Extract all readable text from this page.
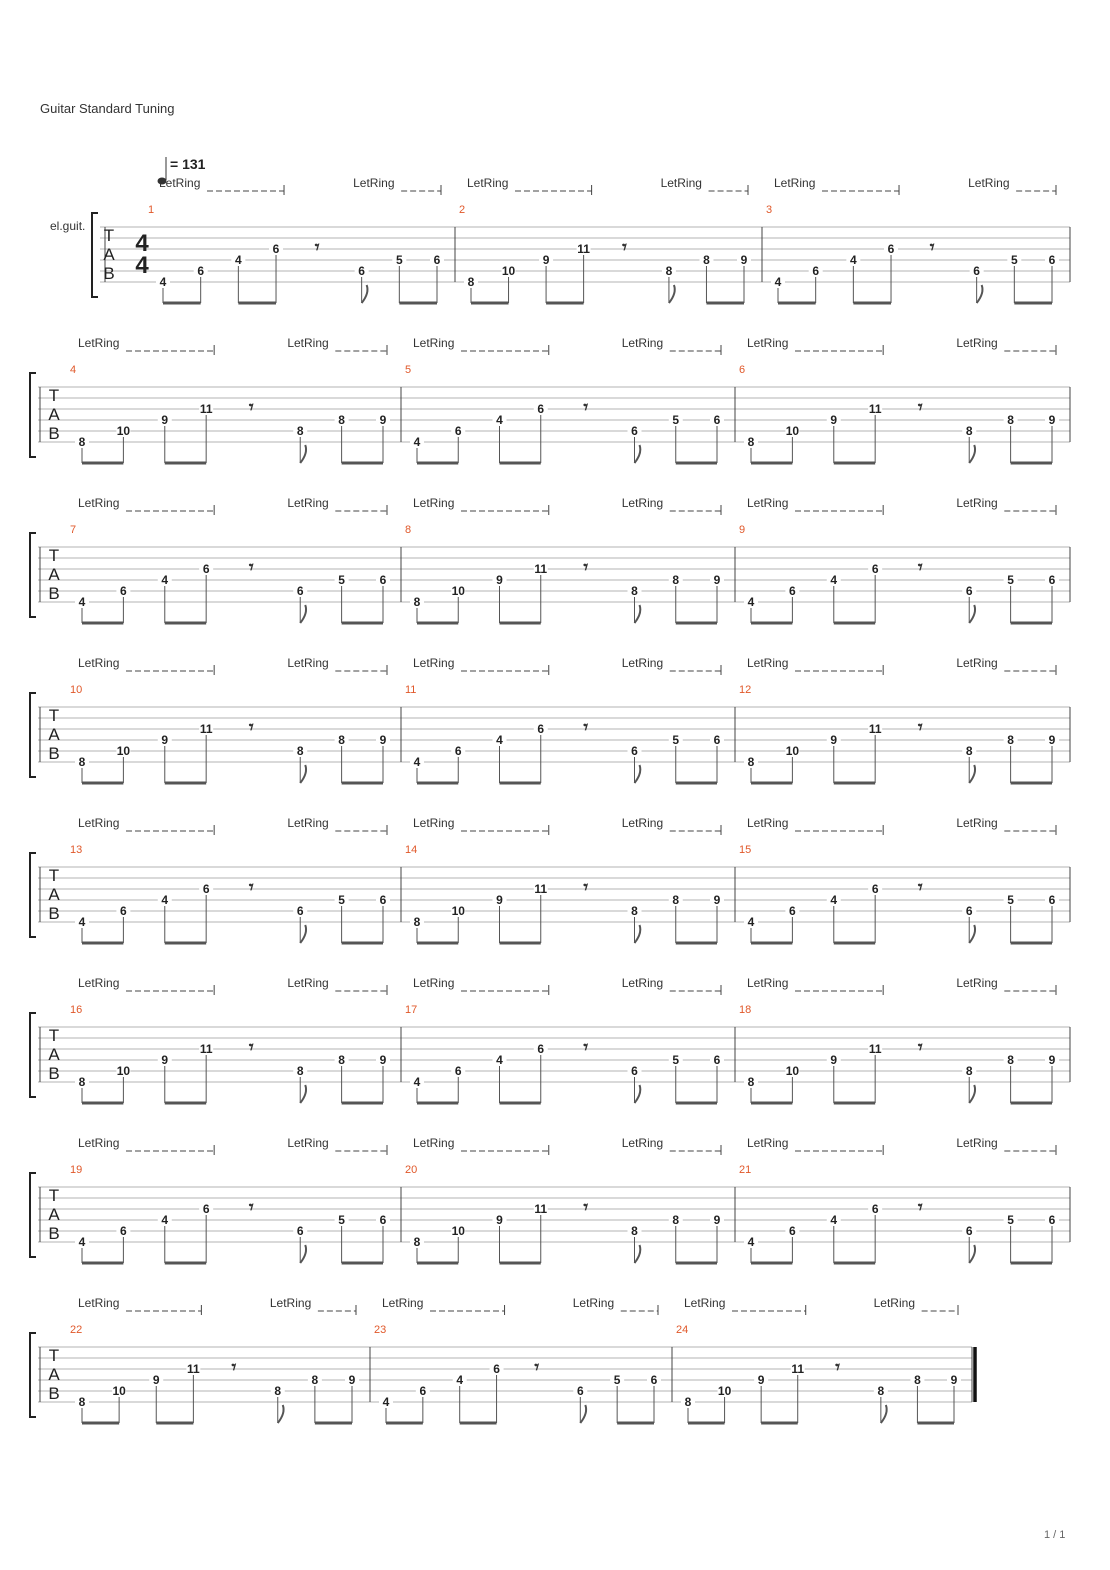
Guitar Standard Tuning
= 131
el.guit. T
A
B
4
4
1
LetRing	LetRing
4
6
4
6 𝄾
6
5	6
2
LetRing	LetRing
8
10
9
11 𝄾
8
8	9
3
LetRing	LetRing
4
6
4
6 𝄾
6
5	6
T
A
B
4
LetRing	LetRing
8
10
9
11 𝄾
8
8	9
5
LetRing	LetRing
4
6
4
6 𝄾
6
5	6
6
LetRing	LetRing
8
10
9
11 𝄾
8
8	9
T
A
B
7
LetRing	LetRing
4
6
4
6 𝄾
6
5	6
8
LetRing	LetRing
8
10
9
11 𝄾
8
8	9
9
LetRing	LetRing
4
6
4
6 𝄾
6
5	6
T
A
B
10
LetRing	LetRing
8
10
9
11 𝄾
8
8	9
11
LetRing	LetRing
4
6
4
6 𝄾
6
5	6
12
LetRing	LetRing
8
10
9
11 𝄾
8
8	9
T
A
B
13
LetRing	LetRing
4
6
4
6 𝄾
6
5	6
14
LetRing	LetRing
8
10
9
11 𝄾
8
8	9
15
LetRing	LetRing
4
6
4
6 𝄾
6
5	6
T
A
B
16
LetRing	LetRing
8
10
9
11 𝄾
8
8	9
17
LetRing	LetRing
4
6
4
6 𝄾
6
5	6
18
LetRing	LetRing
8
10
9
11 𝄾
8
8	9
T
A
B
19
LetRing	LetRing
4
6
4
6 𝄾
6
5	6
20
LetRing	LetRing
8
10
9
11 𝄾
8
8	9
21
LetRing	LetRing
4
6
4
6 𝄾
6
5	6
T
A
B
22
LetRing	LetRing
8
10
9
11 𝄾
8
8	9
23
LetRing	LetRing
4
6
4
6 𝄾
6
5	6
24
LetRing	LetRing
8
10
9
11 𝄾
8
8 9
1 / 1
